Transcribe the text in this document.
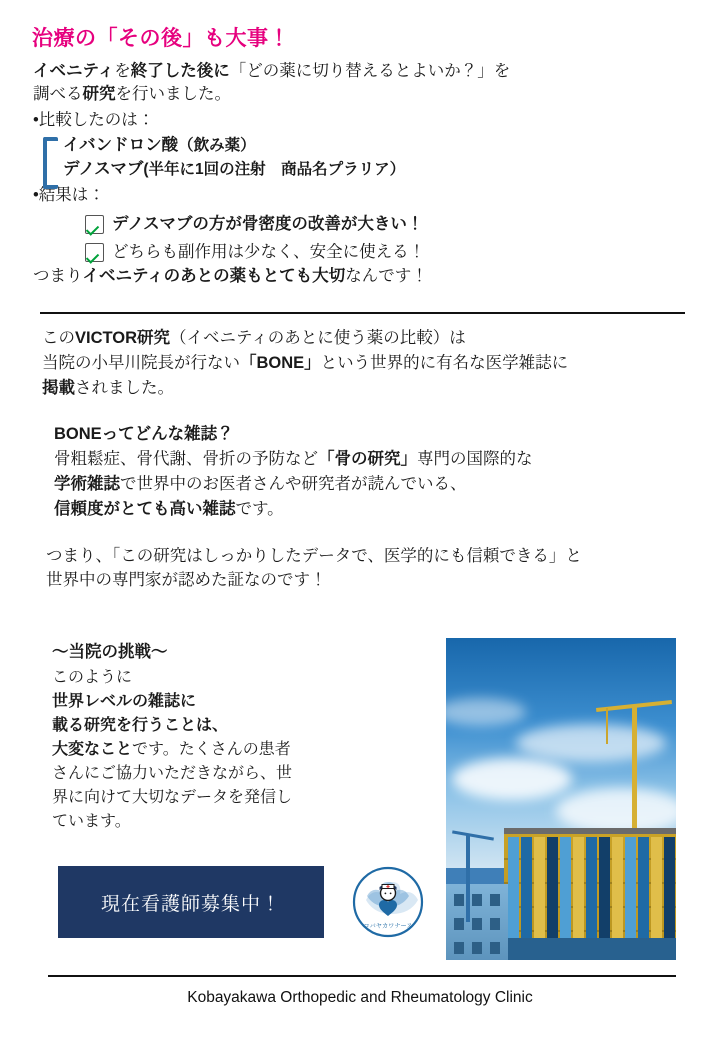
治療の「その後」も大事！
イベニティを終了した後に「どの薬に切り替えるとよいか？」を
調べる研究を行いました。
•比較したのは：
イバンドロン酸（飲み薬）
デノスマブ(半年に1回の注射　商品名プラリア）
•結果は：
デノスマブの方が骨密度の改善が大きい！
どちらも副作用は少なく、安全に使える！
つまりイベニティのあとの薬もとても大切なんです！
このVICTOR研究（イベニティのあとに使う薬の比較）は
当院の小早川院長が行ない「BONE」という世界的に有名な医学雑誌に
掲載されました。
BONEってどんな雑誌？
骨粗鬆症、骨代謝、骨折の予防など「骨の研究」専門の国際的な
学術雑誌で世界中のお医者さんや研究者が読んでいる、
信頼度がとても高い雑誌です。
つまり、「この研究はしっかりしたデータで、医学的にも信頼できる」と
世界中の専門家が認めた証なのです！
〜当院の挑戦〜
このように
世界レベルの雑誌に
載る研究を行うことは、
大変なことです。たくさんの患者
さんにご協力いただきながら、世
界に向けて大切なデータを発信し
ています。
現在看護師募集中！
コバヤカワナース
Kobayakawa Orthopedic and Rheumatology Clinic
